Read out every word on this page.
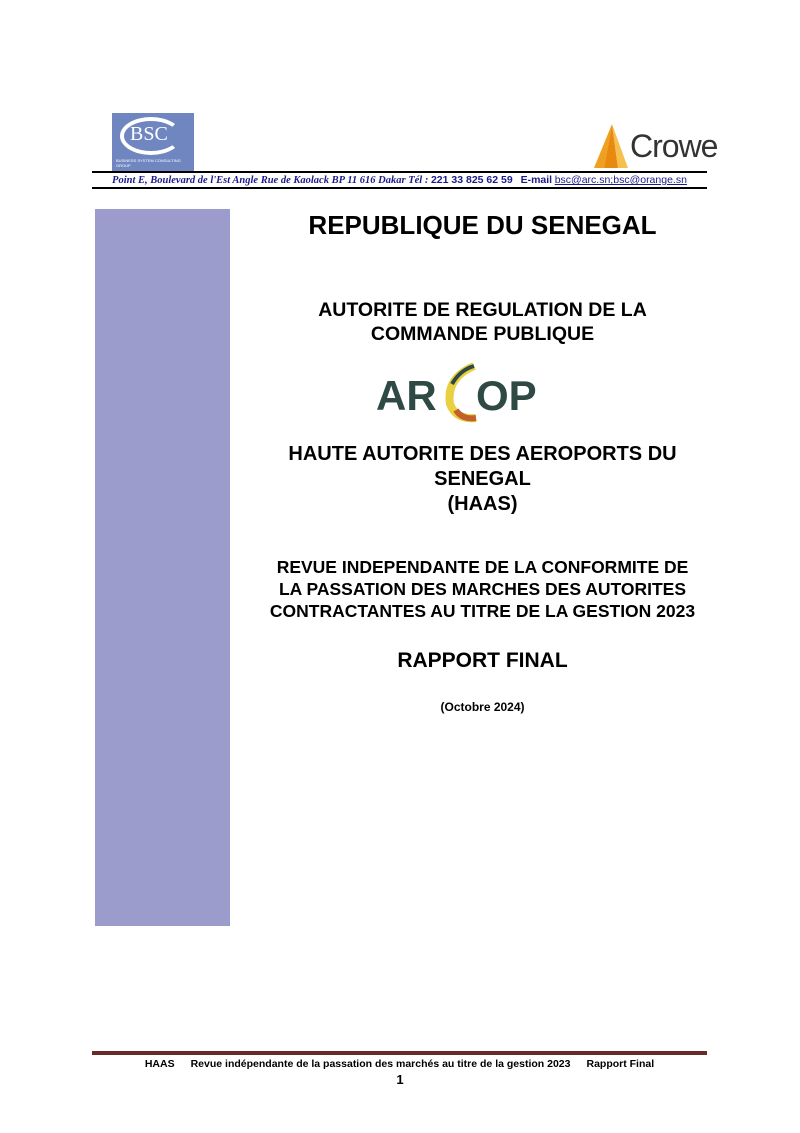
BSC
BUSINESS SYSTEM CONSULTING GROUP
Crowe
Point E, Boulevard de l'Est Angle Rue de Kaolack BP 11 616 Dakar Tél : 221 33 825 62 59 E-mail bsc@arc.sn;bsc@orange.sn
REPUBLIQUE DU SENEGAL
AUTORITE DE REGULATION DE LA
COMMANDE PUBLIQUE
AR OP
HAUTE AUTORITE DES AEROPORTS DU
SENEGAL
(HAAS)
REVUE INDEPENDANTE DE LA CONFORMITE DE
LA PASSATION DES MARCHES DES AUTORITES
CONTRACTANTES AU TITRE DE LA GESTION 2023
RAPPORT FINAL
(Octobre 2024)
HAAS Revue indépendante de la passation des marchés au titre de la gestion 2023 Rapport Final
1
